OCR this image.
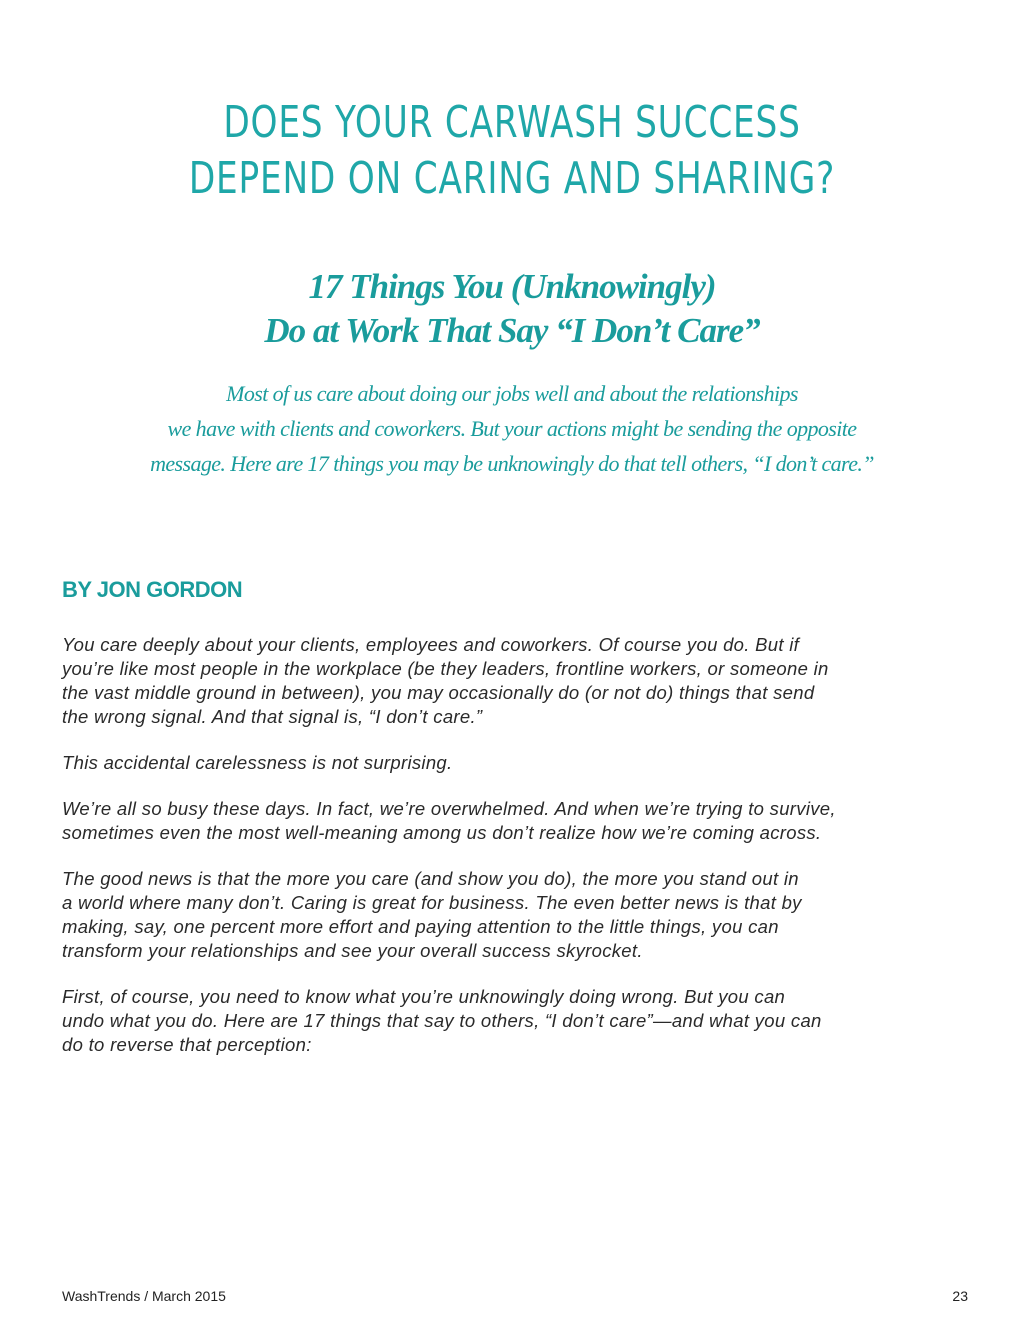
DOES YOUR CARWASH SUCCESS
DEPEND ON CARING AND SHARING?
17 Things You (Unknowingly)
Do at Work That Say “I Don’t Care”
Most of us care about doing our jobs well and about the relationships
we have with clients and coworkers. But your actions might be sending the opposite
message. Here are 17 things you may be unknowingly do that tell others, “I don’t care.”
BY JON GORDON

You care deeply about your clients, employees and coworkers. Of course you do. But if
you’re like most people in the workplace (be they leaders, frontline workers, or someone in
the vast middle ground in between), you may occasionally do (or not do) things that send
the wrong signal. And that signal is, “I don’t care.”

This accidental carelessness is not surprising.

We’re all so busy these days. In fact, we’re overwhelmed. And when we’re trying to survive,
sometimes even the most well-meaning among us don’t realize how we’re coming across.

The good news is that the more you care (and show you do), the more you stand out in
a world where many don’t. Caring is great for business. The even better news is that by
making, say, one percent more effort and paying attention to the little things, you can
transform your relationships and see your overall success skyrocket.

First, of course, you need to know what you’re unknowingly doing wrong. But you can
undo what you do. Here are 17 things that say to others, “I don’t care”—and what you can
do to reverse that perception:

WashTrends / March 2015	23
